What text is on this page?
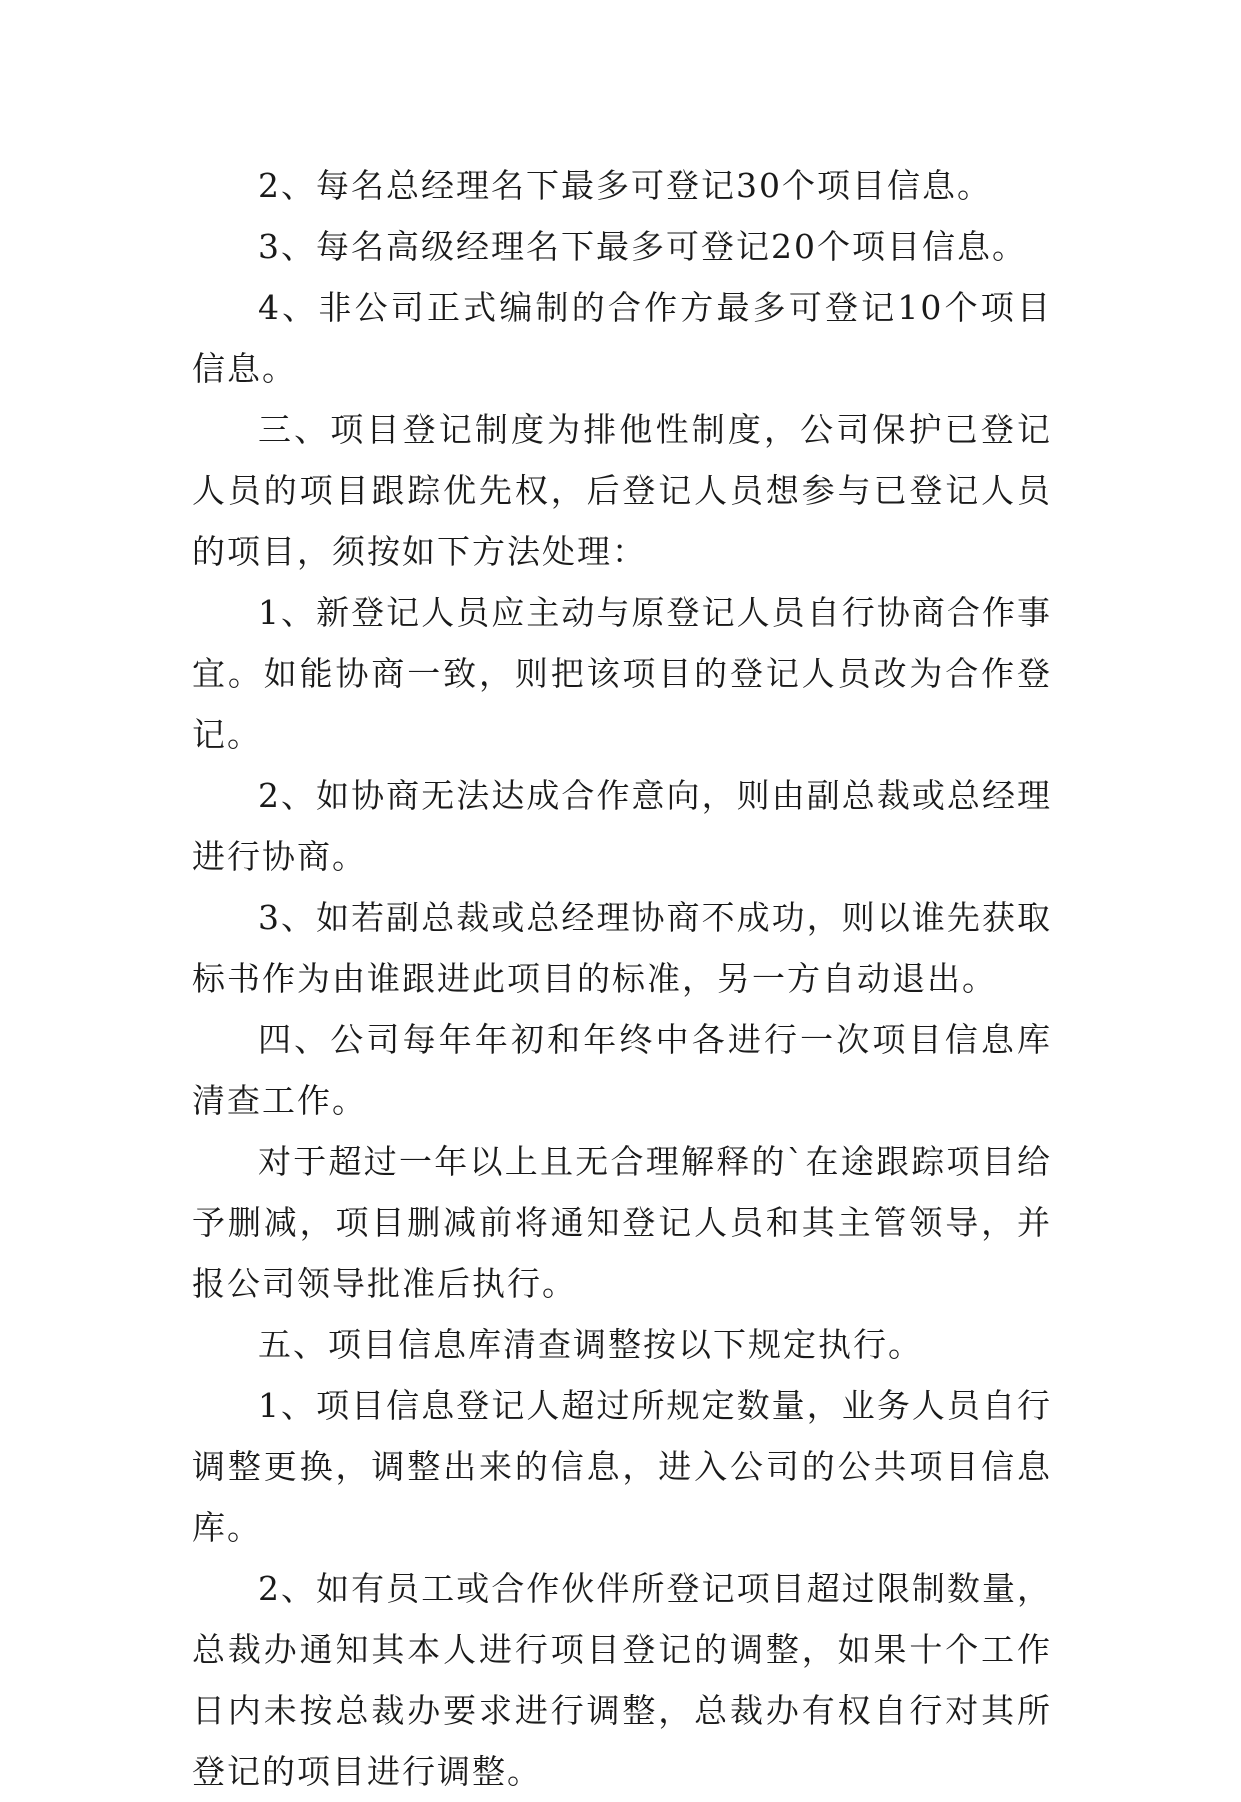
2、每名总经理名下最多可登记30个项目信息。

3、每名高级经理名下最多可登记20个项目信息。

4、非公司正式编制的合作方最多可登记10个项目信息。

三、项目登记制度为排他性制度，公司保护已登记人员的项目跟踪优先权，后登记人员想参与已登记人员的项目，须按如下方法处理：

1、新登记人员应主动与原登记人员自行协商合作事宜。如能协商一致，则把该项目的登记人员改为合作登记。

2、如协商无法达成合作意向，则由副总裁或总经理进行协商。

3、如若副总裁或总经理协商不成功，则以谁先获取标书作为由谁跟进此项目的标准，另一方自动退出。

四、公司每年年初和年终中各进行一次项目信息库清查工作。

对于超过一年以上且无合理解释的`在途跟踪项目给予删减，项目删减前将通知登记人员和其主管领导，并报公司领导批准后执行。

五、项目信息库清查调整按以下规定执行。

1、项目信息登记人超过所规定数量，业务人员自行调整更换，调整出来的信息，进入公司的公共项目信息库。

2、如有员工或合作伙伴所登记项目超过限制数量，总裁办通知其本人进行项目登记的调整，如果十个工作日内未按总裁办要求进行调整，总裁办有权自行对其所登记的项目进行调整。
